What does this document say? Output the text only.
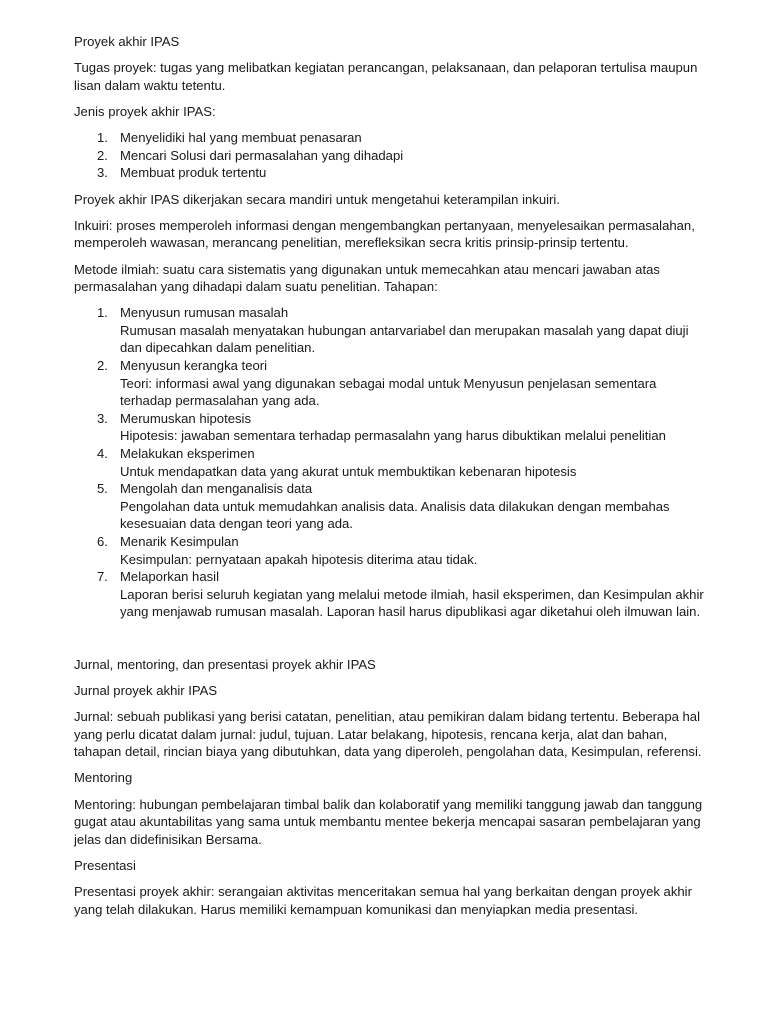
Proyek akhir IPAS

Tugas proyek: tugas yang melibatkan kegiatan perancangan, pelaksanaan, dan pelaporan tertulisa maupun lisan dalam waktu tetentu.

Jenis proyek akhir IPAS:

1. Menyelidiki hal yang membuat penasaran
2. Mencari Solusi dari permasalahan yang dihadapi
3. Membuat produk tertentu

Proyek akhir IPAS dikerjakan secara mandiri untuk mengetahui keterampilan inkuiri.

Inkuiri: proses memperoleh informasi dengan mengembangkan pertanyaan, menyelesaikan permasalahan, memperoleh wawasan, merancang penelitian, merefleksikan secra kritis prinsip-prinsip tertentu.

Metode ilmiah: suatu cara sistematis yang digunakan untuk memecahkan atau mencari jawaban atas permasalahan yang dihadapi dalam suatu penelitian. Tahapan:

1. Menyusun rumusan masalah
Rumusan masalah menyatakan hubungan antarvariabel dan merupakan masalah yang dapat diuji dan dipecahkan dalam penelitian.
2. Menyusun kerangka teori
Teori: informasi awal yang digunakan sebagai modal untuk Menyusun penjelasan sementara terhadap permasalahan yang ada.
3. Merumuskan hipotesis
Hipotesis: jawaban sementara terhadap permasalahn yang harus dibuktikan melalui penelitian
4. Melakukan eksperimen
Untuk mendapatkan data yang akurat untuk membuktikan kebenaran hipotesis
5. Mengolah dan menganalisis data
Pengolahan data untuk memudahkan analisis data. Analisis data dilakukan dengan membahas kesesuaian data dengan teori yang ada.
6. Menarik Kesimpulan
Kesimpulan: pernyataan apakah hipotesis diterima atau tidak.
7. Melaporkan hasil
Laporan berisi seluruh kegiatan yang melalui metode ilmiah, hasil eksperimen, dan Kesimpulan akhir yang menjawab rumusan masalah. Laporan hasil harus dipublikasi agar diketahui oleh ilmuwan lain.

Jurnal, mentoring, dan presentasi proyek akhir IPAS

Jurnal proyek akhir IPAS

Jurnal: sebuah publikasi yang berisi catatan, penelitian, atau pemikiran dalam bidang tertentu. Beberapa hal yang perlu dicatat dalam jurnal: judul, tujuan. Latar belakang, hipotesis, rencana kerja, alat dan bahan, tahapan detail, rincian biaya yang dibutuhkan, data yang diperoleh, pengolahan data, Kesimpulan, referensi.

Mentoring

Mentoring: hubungan pembelajaran timbal balik dan kolaboratif yang memiliki tanggung jawab dan tanggung gugat atau akuntabilitas yang sama untuk membantu mentee bekerja mencapai sasaran pembelajaran yang jelas dan didefinisikan Bersama.

Presentasi

Presentasi proyek akhir: serangaian aktivitas menceritakan semua hal yang berkaitan dengan proyek akhir yang telah dilakukan. Harus memiliki kemampuan komunikasi dan menyiapkan media presentasi.
